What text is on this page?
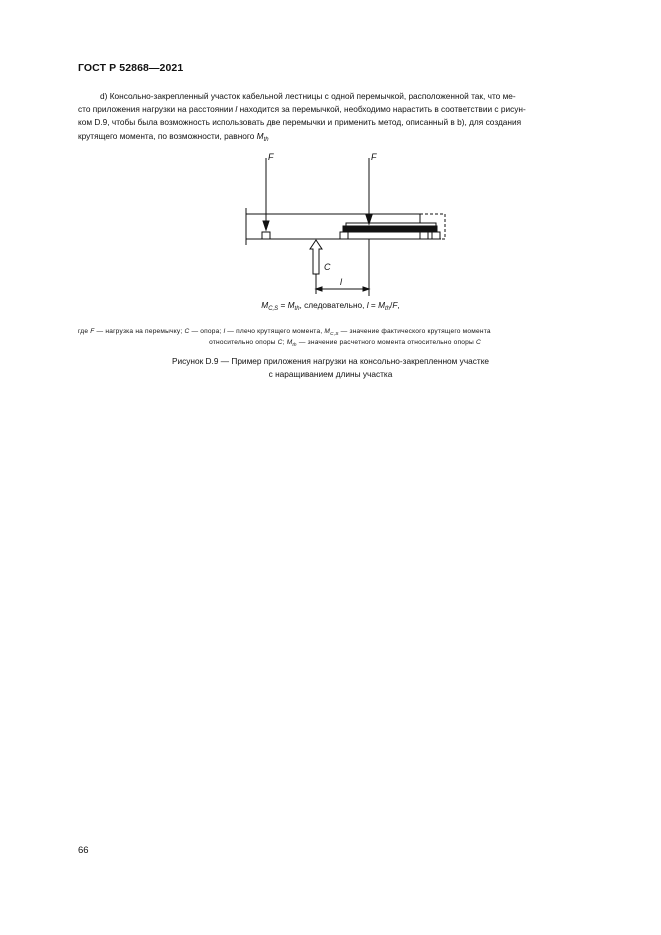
ГОСТ Р 52868—2021
d) Консольно-закрепленный участок кабельной лестницы с одной перемычкой, расположенной так, что ме-
сто приложения нагрузки на расстоянии l находится за перемычкой, необходимо нарастить в соответствии с рисун-
ком D.9, чтобы была возможность использовать две перемычки и применить метод, описанный в b), для создания
крутящего момента, по возможности, равного $M_{th}$
F	F
C
l
$M_{C,S} = M_{th}$, следовательно, $l = M_{th}/F$,
где F — нагрузка на перемычку; C — опора; l — плечо крутящего момента, $M_{C,S}$ — значение фактического крутящего момента
относительно опоры C; $M_{th}$ — значение расчетного момента относительно опоры C
Рисунок D.9 — Пример приложения нагрузки на консольно-закрепленном участке
с наращиванием длины участка
66
